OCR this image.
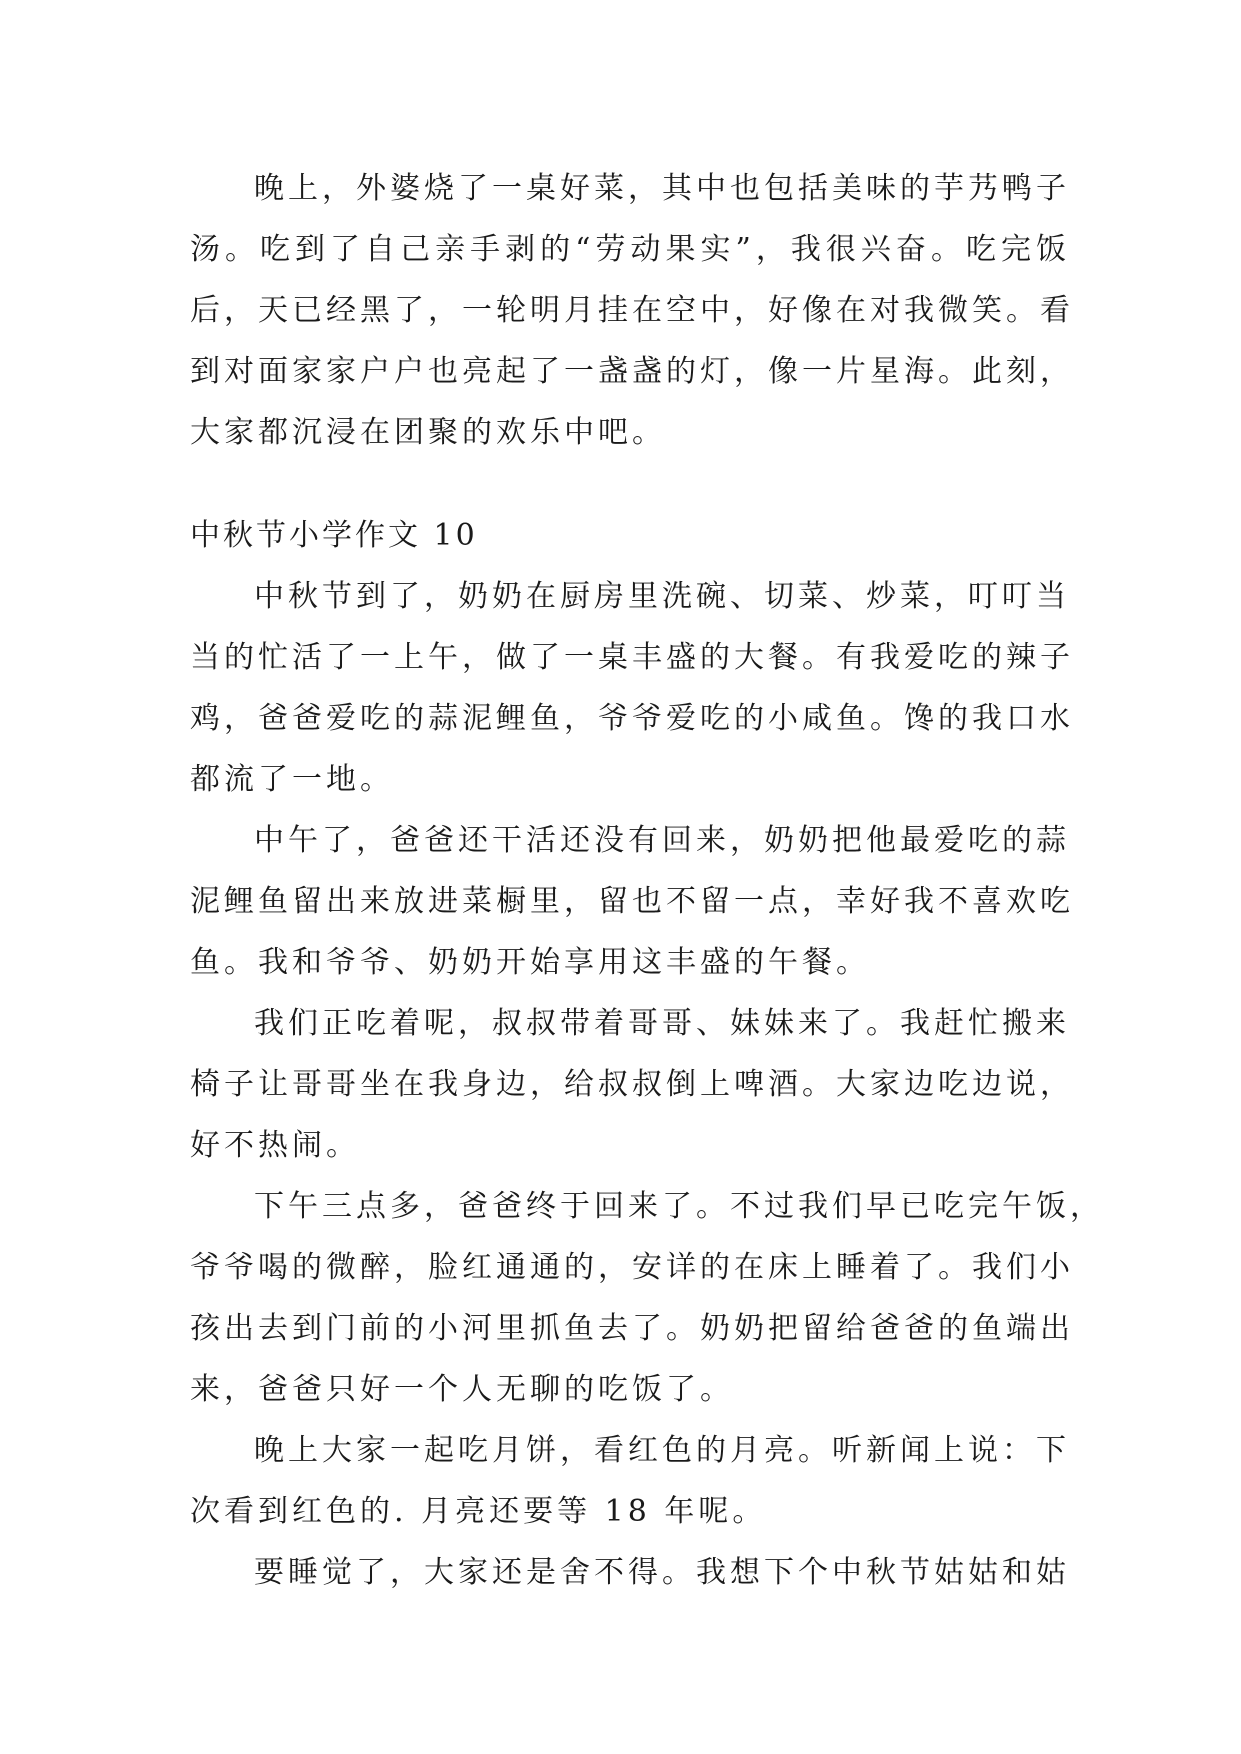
晚上，外婆烧了一桌好菜，其中也包括美味的芋艿鸭子
汤。吃到了自己亲手剥的“劳动果实”，我很兴奋。吃完饭
后，天已经黑了，一轮明月挂在空中，好像在对我微笑。看
到对面家家户户也亮起了一盏盏的灯，像一片星海。此刻，
大家都沉浸在团聚的欢乐中吧。
中秋节小学作文 10
中秋节到了，奶奶在厨房里洗碗、切菜、炒菜，叮叮当
当的忙活了一上午，做了一桌丰盛的大餐。有我爱吃的辣子
鸡，爸爸爱吃的蒜泥鲤鱼，爷爷爱吃的小咸鱼。馋的我口水
都流了一地。
中午了，爸爸还干活还没有回来，奶奶把他最爱吃的蒜
泥鲤鱼留出来放进菜橱里，留也不留一点，幸好我不喜欢吃
鱼。我和爷爷、奶奶开始享用这丰盛的午餐。
我们正吃着呢，叔叔带着哥哥、妹妹来了。我赶忙搬来
椅子让哥哥坐在我身边，给叔叔倒上啤酒。大家边吃边说，
好不热闹。
下午三点多，爸爸终于回来了。不过我们早已吃完午饭，
爷爷喝的微醉，脸红通通的，安详的在床上睡着了。我们小
孩出去到门前的小河里抓鱼去了。奶奶把留给爸爸的鱼端出
来，爸爸只好一个人无聊的吃饭了。
晚上大家一起吃月饼，看红色的月亮。听新闻上说：下
次看到红色的. 月亮还要等 18 年呢。
要睡觉了，大家还是舍不得。我想下个中秋节姑姑和姑
